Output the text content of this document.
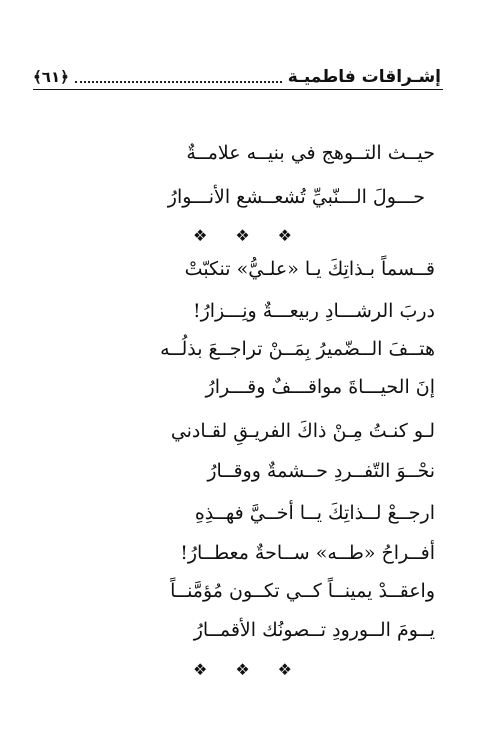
إشـراقات فاطميـة
﴿٦١﴾
حيــث التــوهج في بنيــه علامــةٌ
حـــولَ الـــنّبيِّ تُشعــشع الأنـــوارُ
❖ ❖ ❖
قــسماً بـذاتِكَ يـا «علـيُّ» تنكبّتْ
دربَ الرشـــادِ ربيعـــةٌ ونِـــزارُ!
هتــفَ الــضّميرُ بِمَــنْ تراجــعَ بذلُــه
إنَ الحيـــاةَ مواقـــفٌ وقـــرارُ
لـو كنـتُ مِـنْ ذاكَ الفريـقِ لقـادني
نحْــوَ التّفــردِ حــشمةٌ ووقــارُ
ارجــعْ لــذاتِكَ يــا أخــيَّ فهــذِهِ
أفــراحُ «طــه» ســاحةٌ معطــارُ!
واعقــدْ يمينــاً كــي تكــون مُؤمَّنــاً
يــومَ الــورودِ تــصونُك الأقمــارُ
❖ ❖ ❖
